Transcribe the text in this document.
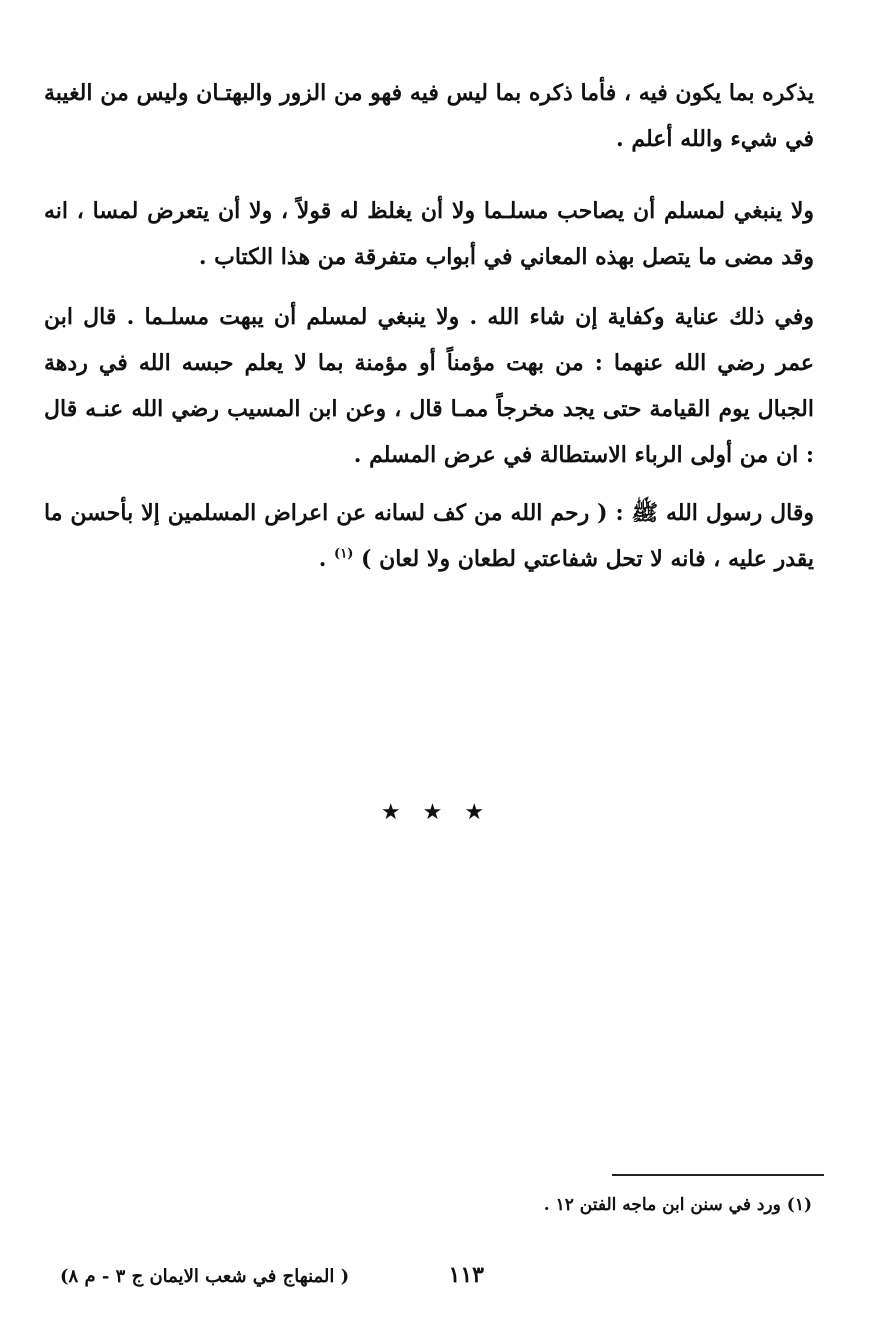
يذكره بما يكون فيه ، فأما ذكره بما ليس فيه فهو من الزور والبهتـان وليس من الغيبة في شيء والله أعلم .
ولا ينبغي لمسلم أن يصاحب مسلـما ولا أن يغلظ له قولاً ، ولا أن يتعرض لمسا ، انه وقد مضى ما يتصل بهذه المعاني في أبواب متفرقة من هذا الكتاب .
وفي ذلك عناية وكفاية إن شاء الله . ولا ينبغي لمسلم أن يبهت مسلـما . قال ابن عمر رضي الله عنهما : من بهت مؤمناً أو مؤمنة بما لا يعلم حبسه الله في ردهة الجبال يوم القيامة حتى يجد مخرجاً ممـا قال ، وعن ابن المسيب رضي الله عنـه قال : ان من أولى الرباء الاستطالة في عرض المسلم .
وقال رسول الله ﷺ : ( رحم الله من كف لسانه عن اعراض المسلمين إلا بأحسن ما يقدر عليه ، فانه لا تحل شفاعتي لطعان ولا لعان ) $^{(١)}$ .
★★★
(١) ورد في سنن ابن ماجه الفتن ١٢ .
١١٣
( المنهاج في شعب الايمان ج ٣ - م ٨)
